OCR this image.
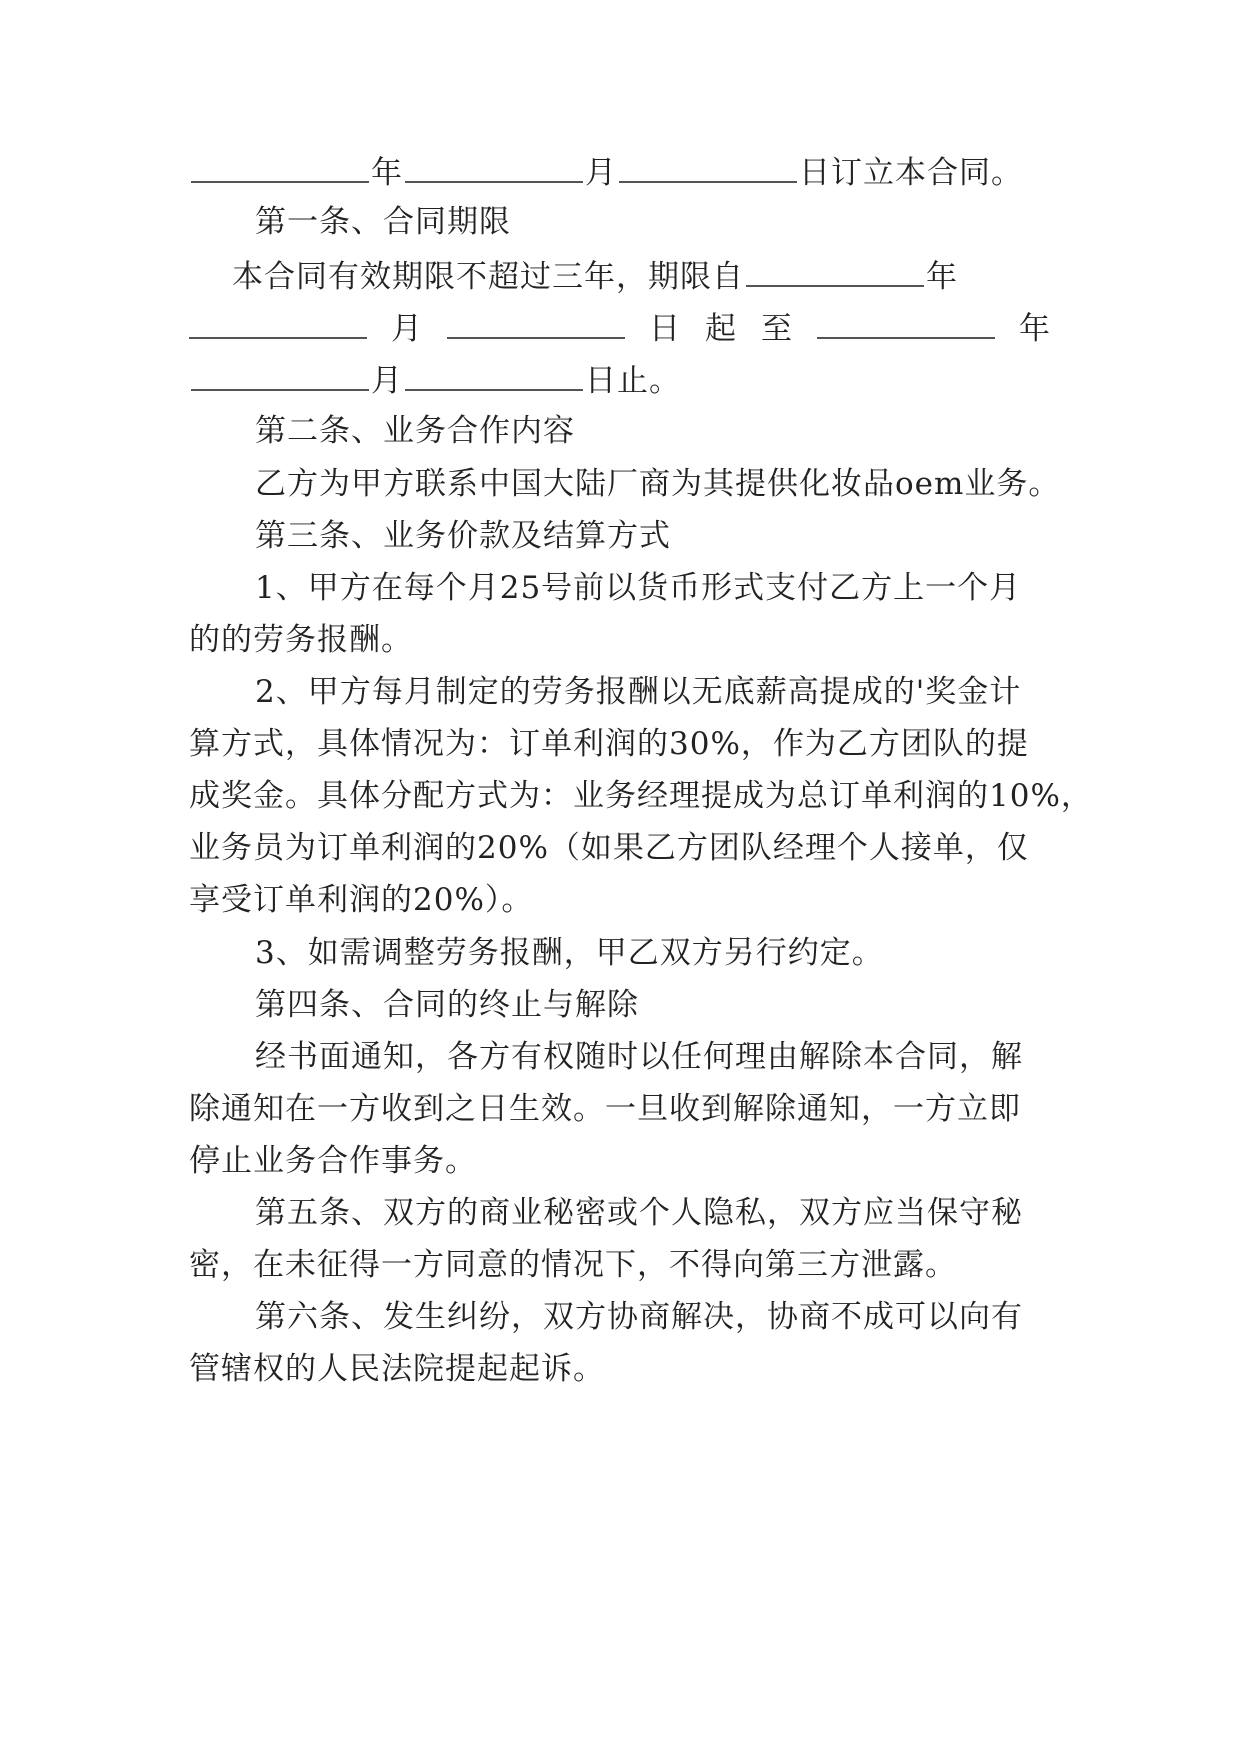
年	月	日订立本合同。
第一条、合同期限
本合同有效期限不超过三年，期限自	年
月	日 起 至	年
月	日止。
第二条、业务合作内容
乙方为甲方联系中国大陆厂商为其提供化妆品oem业务。
第三条、业务价款及结算方式
1、甲方在每个月25号前以货币形式支付乙方上一个月
的的劳务报酬。
2、甲方每月制定的劳务报酬以无底薪高提成的'奖金计
算方式，具体情况为：订单利润的30%，作为乙方团队的提
成奖金。具体分配方式为：业务经理提成为总订单利润的10%，
业务员为订单利润的20%（如果乙方团队经理个人接单，仅
享受订单利润的20%）。
3、如需调整劳务报酬，甲乙双方另行约定。
第四条、合同的终止与解除
经书面通知，各方有权随时以任何理由解除本合同，解
除通知在一方收到之日生效。一旦收到解除通知，一方立即
停止业务合作事务。
第五条、双方的商业秘密或个人隐私，双方应当保守秘
密，在未征得一方同意的情况下，不得向第三方泄露。
第六条、发生纠纷，双方协商解决，协商不成可以向有
管辖权的人民法院提起起诉。
